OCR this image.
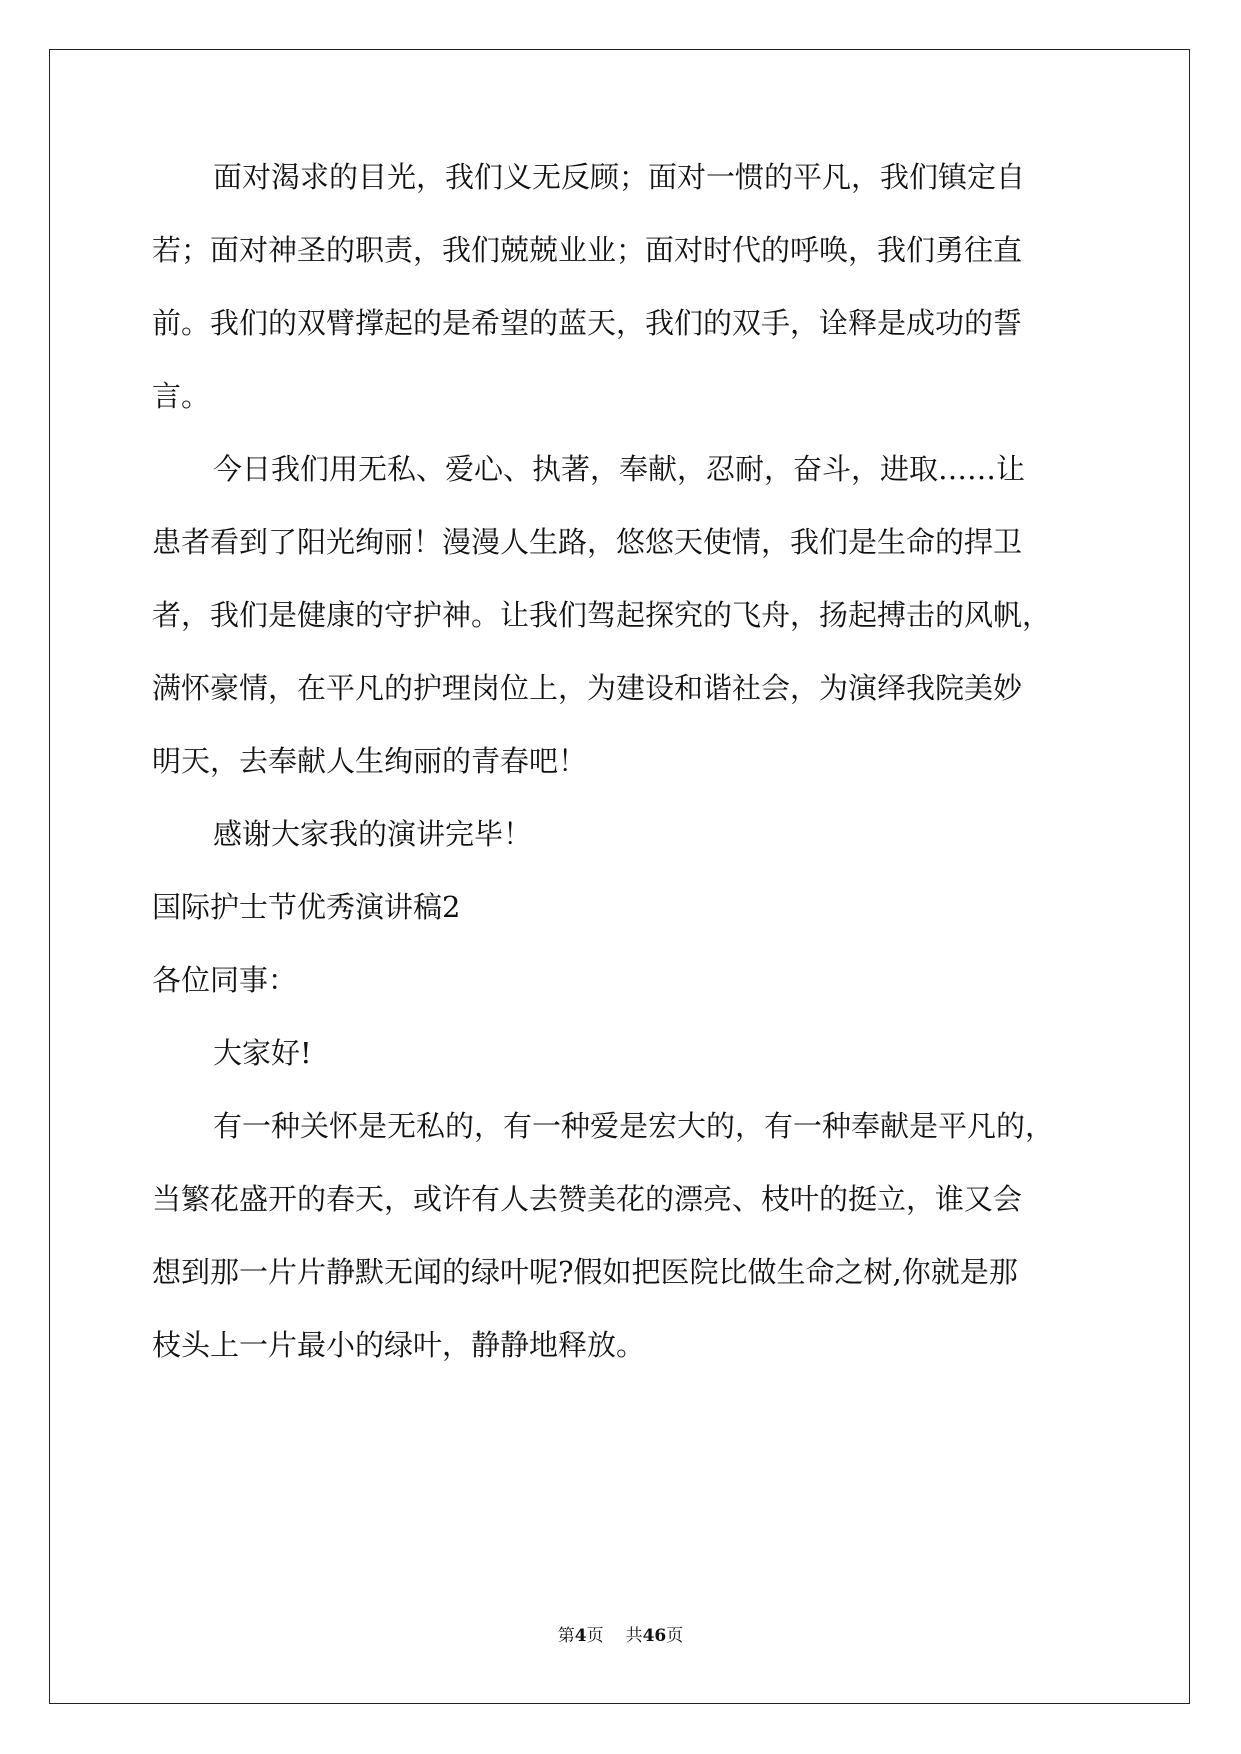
面对渴求的目光，我们义无反顾；面对一惯的平凡，我们镇定自
若；面对神圣的职责，我们兢兢业业；面对时代的呼唤，我们勇往直
前。我们的双臂撑起的是希望的蓝天，我们的双手，诠释是成功的誓
言。
今日我们用无私、爱心、执著，奉献，忍耐，奋斗，进取……让
患者看到了阳光绚丽！漫漫人生路，悠悠天使情，我们是生命的捍卫
者，我们是健康的守护神。让我们驾起探究的飞舟，扬起搏击的风帆，
满怀豪情，在平凡的护理岗位上，为建设和谐社会，为演绎我院美妙
明天，去奉献人生绚丽的青春吧！
感谢大家我的演讲完毕！
国际护士节优秀演讲稿2
各位同事：
大家好!
有一种关怀是无私的，有一种爱是宏大的，有一种奉献是平凡的，
当繁花盛开的春天，或许有人去赞美花的漂亮、枝叶的挺立，谁又会
想到那一片片静默无闻的绿叶呢?假如把医院比做生命之树,你就是那
枝头上一片最小的绿叶，静静地释放。
第4页 共46页
